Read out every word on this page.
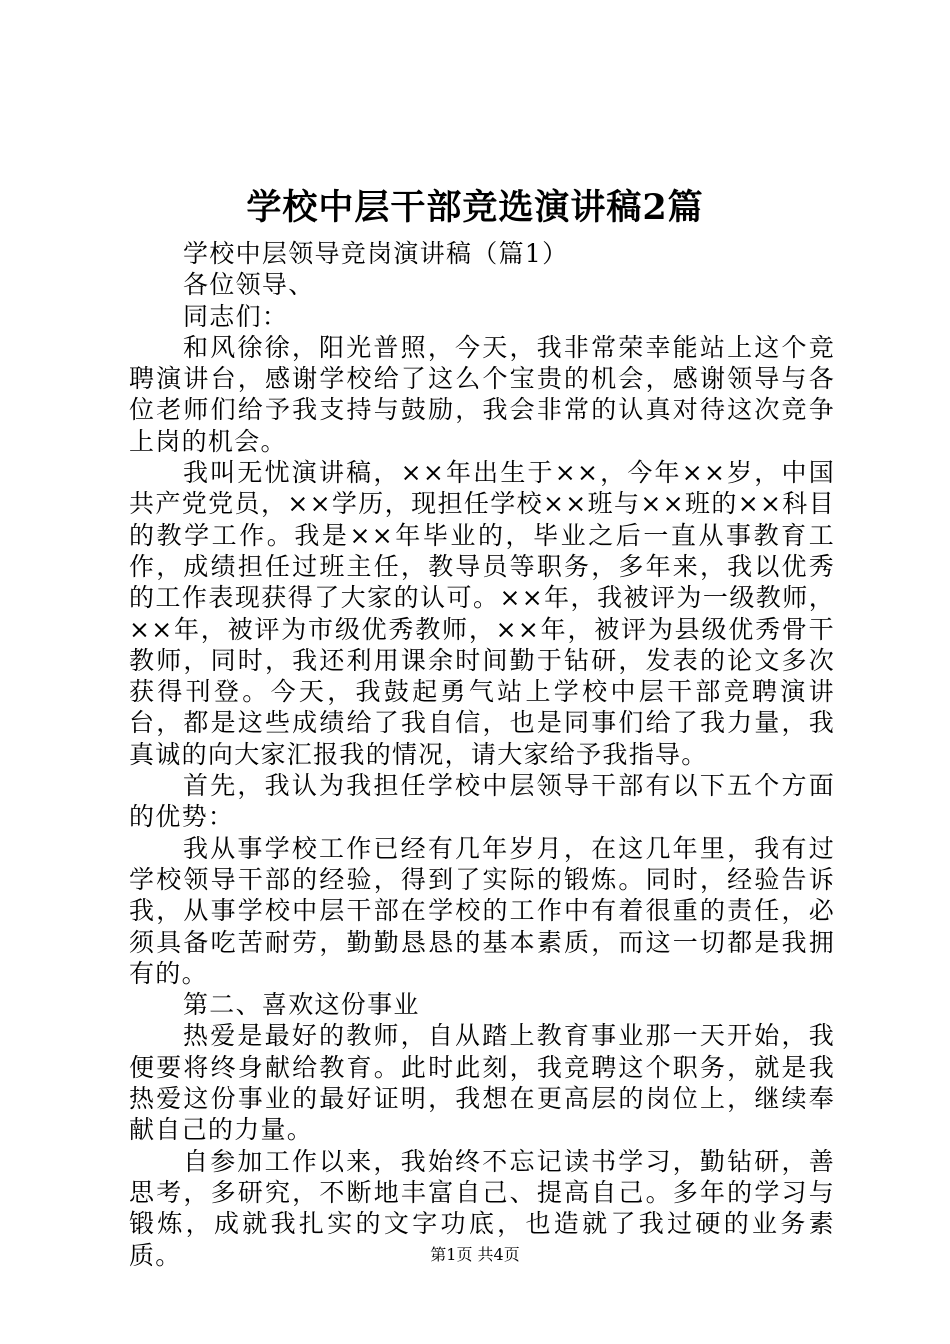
学校中层干部竞选演讲稿2篇

学校中层领导竞岗演讲稿（篇1）

各位领导、

同志们：

和风徐徐，阳光普照，今天，我非常荣幸能站上这个竞聘演讲台，感谢学校给了这么个宝贵的机会，感谢领导与各位老师们给予我支持与鼓励，我会非常的认真对待这次竞争上岗的机会。

我叫无忧演讲稿，××年出生于××，今年××岁，中国共产党党员，××学历，现担任学校××班与××班的××科目的教学工作。我是××年毕业的，毕业之后一直从事教育工作，成绩担任过班主任，教导员等职务，多年来，我以优秀的工作表现获得了大家的认可。××年，我被评为一级教师，××年，被评为市级优秀教师，××年，被评为县级优秀骨干教师，同时，我还利用课余时间勤于钻研，发表的论文多次获得刊登。今天，我鼓起勇气站上学校中层干部竞聘演讲台，都是这些成绩给了我自信，也是同事们给了我力量，我真诚的向大家汇报我的情况，请大家给予我指导。

首先，我认为我担任学校中层领导干部有以下五个方面的优势：

我从事学校工作已经有几年岁月，在这几年里，我有过学校领导干部的经验，得到了实际的锻炼。同时，经验告诉我，从事学校中层干部在学校的工作中有着很重的责任，必须具备吃苦耐劳，勤勤恳恳的基本素质，而这一切都是我拥有的。

第二、喜欢这份事业

热爱是最好的教师，自从踏上教育事业那一天开始，我便要将终身献给教育。此时此刻，我竞聘这个职务，就是我热爱这份事业的最好证明，我想在更高层的岗位上，继续奉献自己的力量。

自参加工作以来，我始终不忘记读书学习，勤钻研，善思考，多研究，不断地丰富自己、提高自己。多年的学习与锻炼，成就我扎实的文字功底，也造就了我过硬的业务素质。	第1页 共4页
